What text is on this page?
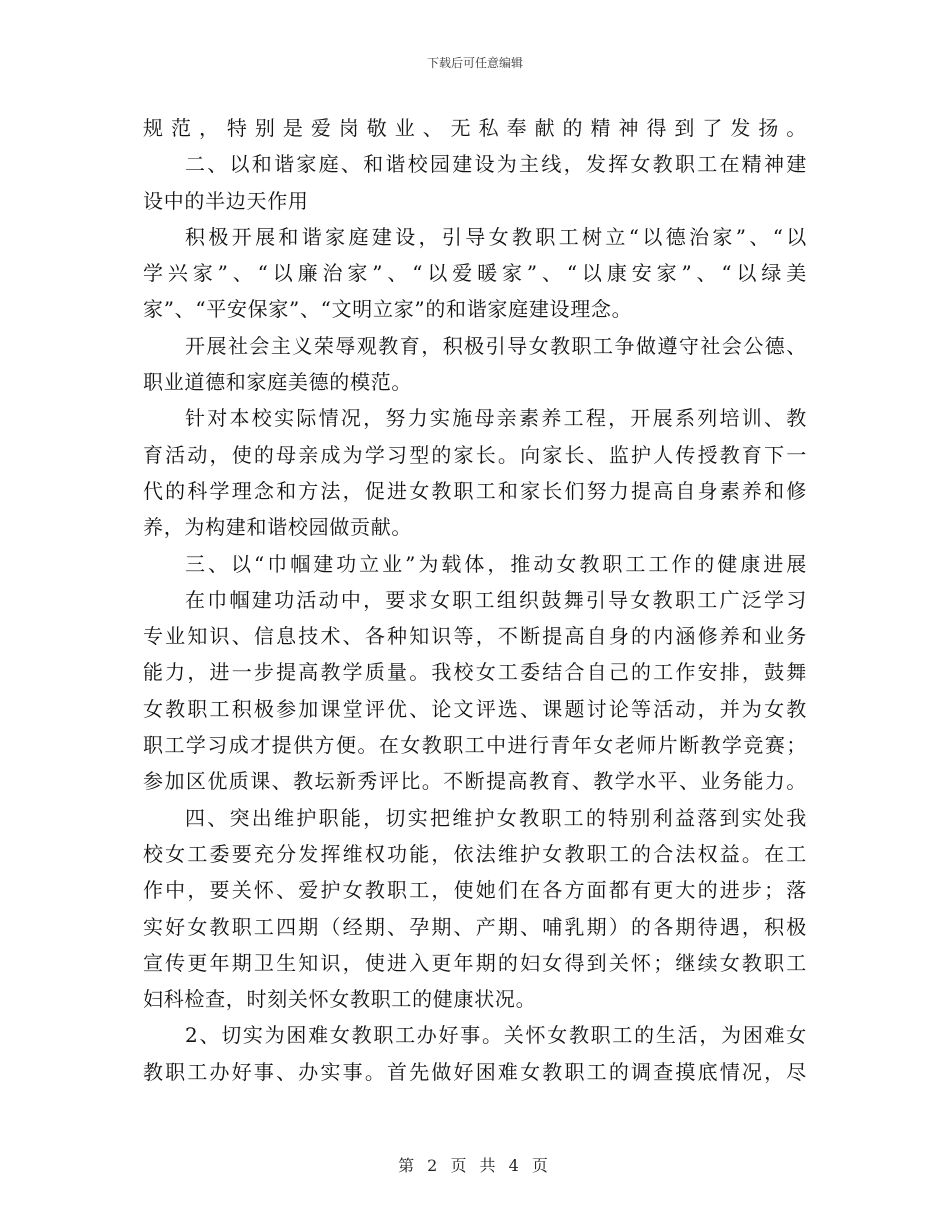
下载后可任意编辑
规范，特别是爱岗敬业、无私奉献的精神得到了发扬。
二、以和谐家庭、和谐校园建设为主线，发挥女教职工在精神建
设中的半边天作用
积极开展和谐家庭建设，引导女教职工树立“以德治家”、“以
学兴家”、“以廉治家”、“以爱暖家”、“以康安家”、“以绿美
家”、“平安保家”、“文明立家”的和谐家庭建设理念。
开展社会主义荣辱观教育，积极引导女教职工争做遵守社会公德、
职业道德和家庭美德的模范。
针对本校实际情况，努力实施母亲素养工程，开展系列培训、教
育活动，使的母亲成为学习型的家长。向家长、监护人传授教育下一
代的科学理念和方法，促进女教职工和家长们努力提高自身素养和修
养，为构建和谐校园做贡献。
三、以“巾帼建功立业”为载体，推动女教职工工作的健康进展
在巾帼建功活动中，要求女职工组织鼓舞引导女教职工广泛学习
专业知识、信息技术、各种知识等，不断提高自身的内涵修养和业务
能力，进一步提高教学质量。我校女工委结合自己的工作安排，鼓舞
女教职工积极参加课堂评优、论文评选、课题讨论等活动，并为女教
职工学习成才提供方便。在女教职工中进行青年女老师片断教学竞赛；
参加区优质课、教坛新秀评比。不断提高教育、教学水平、业务能力。
四、突出维护职能，切实把维护女教职工的特别利益落到实处我
校女工委要充分发挥维权功能，依法维护女教职工的合法权益。在工
作中，要关怀、爱护女教职工，使她们在各方面都有更大的进步；落
实好女教职工四期（经期、孕期、产期、哺乳期）的各期待遇，积极
宣传更年期卫生知识，使进入更年期的妇女得到关怀；继续女教职工
妇科检查，时刻关怀女教职工的健康状况。
2、切实为困难女教职工办好事。关怀女教职工的生活，为困难女
教职工办好事、办实事。首先做好困难女教职工的调查摸底情况，尽
第 2 页 共 4 页
